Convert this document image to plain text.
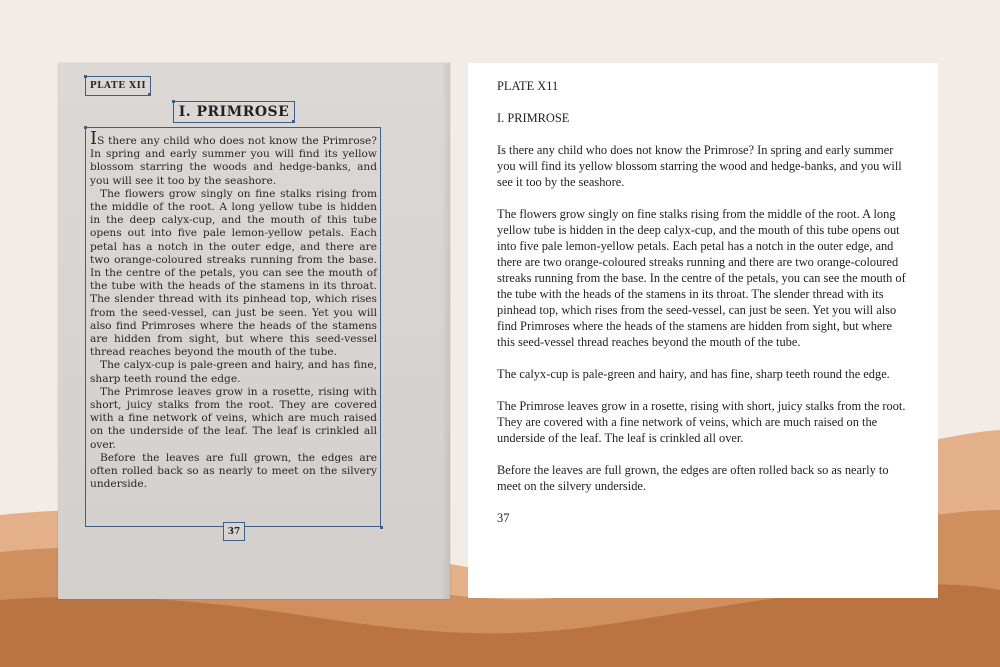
PLATE XII
I. PRIMROSE

IS there any child who does not know the Primrose? In spring and early summer you will find its yellow blossom starring the woods and hedge-banks, and you will see it too by the seashore.

The flowers grow singly on fine stalks rising from the middle of the root. A long yellow tube is hidden in the deep calyx-cup, and the mouth of this tube opens out into five pale lemon-yellow petals. Each petal has a notch in the outer edge, and there are two orange-coloured streaks running from the base. In the centre of the petals, you can see the mouth of the tube with the heads of the stamens in its throat. The slender thread with its pinhead top, which rises from the seed-vessel, can just be seen. Yet you will also find Primroses where the heads of the stamens are hidden from sight, but where this seed-vessel thread reaches beyond the mouth of the tube.

The calyx-cup is pale-green and hairy, and has fine, sharp teeth round the edge.

The Primrose leaves grow in a rosette, rising with short, juicy stalks from the root. They are covered with a fine network of veins, which are much raised on the underside of the leaf. The leaf is crinkled all over.

Before the leaves are full grown, the edges are often rolled back so as nearly to meet on the silvery underside.

37

PLATE X11

I. PRIMROSE

Is there any child who does not know the Primrose? In spring and early summer you will find its yellow blossom starring the wood and hedge-banks, and you will see it too by the seashore.

The flowers grow singly on fine stalks rising from the middle of the root. A long yellow tube is hidden in the deep calyx-cup, and the mouth of this tube opens out into five pale lemon-yellow petals. Each petal has a notch in the outer edge, and there are two orange-coloured streaks running and there are two orange-coloured streaks running from the base. In the centre of the petals, you can see the mouth of the tube with the heads of the stamens in its throat. The slender thread with its pinhead top, which rises from the seed-vessel, can just be seen. Yet you will also find Primroses where the heads of the stamens are hidden from sight, but where this seed-vessel thread reaches beyond the mouth of the tube.

The calyx-cup is pale-green and hairy, and has fine, sharp teeth round the edge.

The Primrose leaves grow in a rosette, rising with short, juicy stalks from the root. They are covered with a fine network of veins, which are much raised on the underside of the leaf. The leaf is crinkled all over.

Before the leaves are full grown, the edges are often rolled back so as nearly to meet on the silvery underside.

37
